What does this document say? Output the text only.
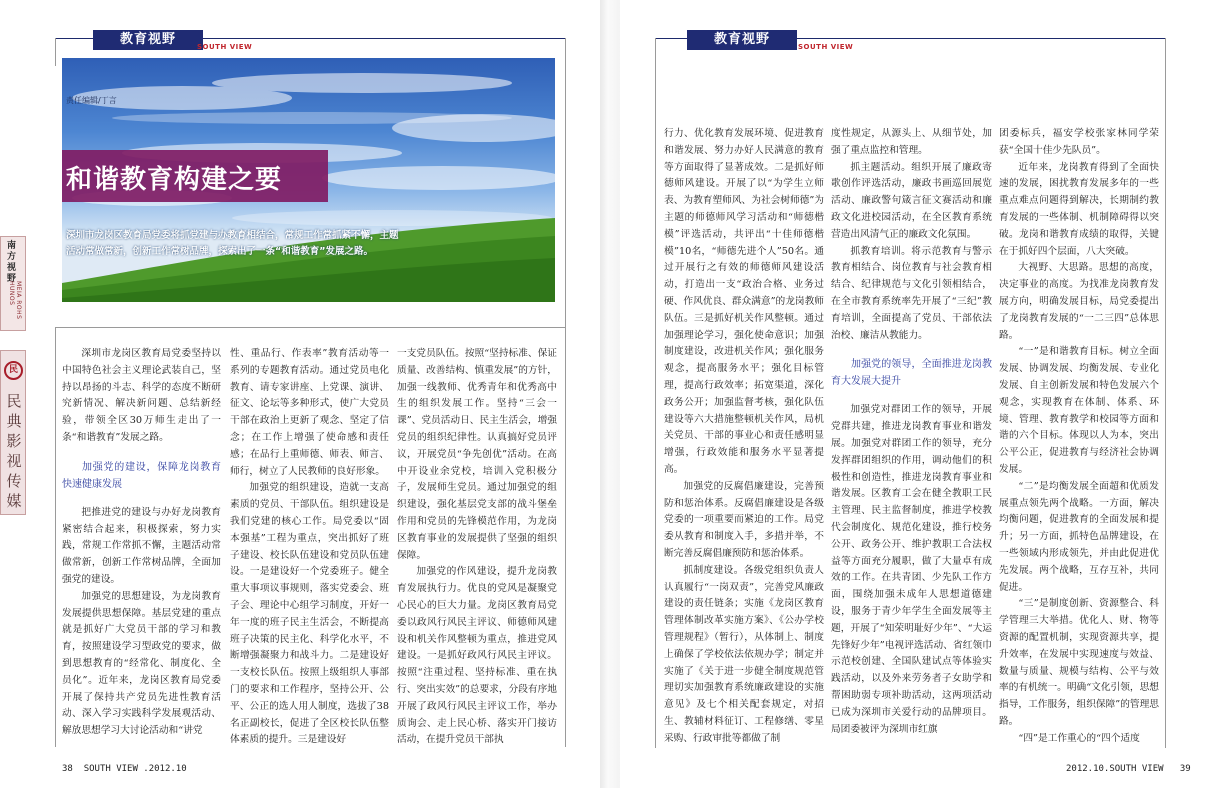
教育视野	SOUTH VIEW
责任编辑/丁言
和谐教育构建之要
深圳市龙岗区教育局党委将抓党建与办教育相结合，常规工作常抓紧不懈，主题活动常做常新，创新工作常树品牌，探索出了一条“和谐教育”发展之路。
南方视野
MEIA ROHS HUNOS
民
民典影视传媒

深圳市龙岗区教育局党委坚持以中国特色社会主义理论武装自己，坚持以昂扬的斗志、科学的态度不断研究新情况、解决新问题、总结新经验，带领全区30万师生走出了一条“和谐教育”发展之路。

加强党的建设，保障龙岗教育快速健康发展

把推进党的建设与办好龙岗教育紧密结合起来，积极探索，努力实践，常规工作常抓不懈，主题活动常做常新，创新工作常树品牌，全面加强党的建设。

加强党的思想建设，为龙岗教育发展提供思想保障。基层党建的重点就是抓好广大党员干部的学习和教育，按照建设学习型政党的要求，做到思想教育的“经常化、制度化、全员化”。近年来，龙岗区教育局党委开展了保持共产党员先进性教育活动、深入学习实践科学发展观活动、解放思想学习大讨论活动和“讲党

性、重品行、作表率”教育活动等一系列的专题教育活动。通过党员电化教育、请专家讲座、上党课、演讲、征文、论坛等多种形式，使广大党员干部在政治上更新了观念、坚定了信念；在工作上增强了使命感和责任感；在品行上重师德、师表、师言、师行，树立了人民教师的良好形象。

加强党的组织建设，造就一支高素质的党员、干部队伍。组织建设是我们党建的核心工作。局党委以“固本强基”工程为重点，突出抓好了班子建设、校长队伍建设和党员队伍建设。一是建设好一个党委班子。健全重大事项议事规则，落实党委会、班子会、理论中心组学习制度，开好一年一度的班子民主生活会，不断提高班子决策的民主化、科学化水平，不断增强凝聚力和战斗力。二是建设好一支校长队伍。按照上级组织人事部门的要求和工作程序，坚持公开、公平、公正的选人用人制度，选拔了38名正副校长，促进了全区校长队伍整体素质的提升。三是建设好

一支党员队伍。按照“坚持标准、保证质量、改善结构、慎重发展”的方针，加强一线教师、优秀青年和优秀高中生的组织发展工作。坚持“三会一课”、党员活动日、民主生活会，增强党员的组织纪律性。认真搞好党员评议，开展党员“争先创优”活动。在高中开设业余党校，培训入党积极分子，发展师生党员。通过加强党的组织建设，强化基层党支部的战斗堡垒作用和党员的先锋模范作用，为龙岗区教育事业的发展提供了坚强的组织保障。

加强党的作风建设，提升龙岗教育发展执行力。优良的党风是凝聚党心民心的巨大力量。龙岗区教育局党委以政风行风民主评议、师德师风建设和机关作风整顿为重点，推进党风建设。一是抓好政风行风民主评议。按照“注重过程、坚持标准、重在执行、突出实效”的总要求，分段有序地开展了政风行风民主评议工作，举办质询会、走上民心桥、落实开门接访活动，在提升党员干部执

38 SOUTH VIEW .2012.10
教育视野	SOUTH VIEW

行力、优化教育发展环境、促进教育和谐发展、努力办好人民满意的教育等方面取得了显著成效。二是抓好师德师风建设。开展了以“为学生立师表、为教育塑师风、为社会树师德”为主题的师德师风学习活动和“师德楷模”评选活动，共评出“十佳师德楷模”10名，“师德先进个人”50名。通过开展行之有效的师德师风建设活动，打造出一支“政治合格、业务过硬、作风优良、群众满意”的龙岗教师队伍。三是抓好机关作风整顿。通过加强理论学习，强化使命意识；加强制度建设，改进机关作风；强化服务观念，提高服务水平；强化目标管理，提高行政效率；拓宽渠道，深化政务公开；加强监督考核，强化队伍建设等六大措施整顿机关作风，局机关党员、干部的事业心和责任感明显增强，行政效能和服务水平显著提高。

加强党的反腐倡廉建设，完善预防和惩治体系。反腐倡廉建设是各级党委的一项重要而紧迫的工作。局党委从教育和制度入手，多措并举，不断完善反腐倡廉预防和惩治体系。

抓制度建设。各级党组织负责人认真履行“一岗双责”，完善党风廉政建设的责任链条；实施《龙岗区教育管理体制改革实施方案》、《公办学校管理规程》（暂行），从体制上、制度上确保了学校依法依规办学；制定并实施了《关于进一步健全制度规范管理切实加强教育系统廉政建设的实施意见》及七个相关配套规定，对招生、教辅材料征订、工程修缮、零星采购、行政审批等都做了制

度性规定，从源头上、从细节处，加强了重点监控和管理。

抓主题活动。组织开展了廉政寄歌创作评选活动，廉政书画巡回展览活动、廉政警句箴言征文赛活动和廉政文化进校园活动，在全区教育系统营造出风清气正的廉政文化氛围。

抓教育培训。将示范教育与警示教育相结合、岗位教育与社会教育相结合、纪律规范与文化引领相结合，在全市教育系统率先开展了“三纪”教育培训，全面提高了党员、干部依法治校、廉洁从教能力。

加强党的领导，全面推进龙岗教育大发展大提升

加强党对群团工作的领导，开展党群共建，推进龙岗教育事业和谐发展。加强党对群团工作的领导，充分发挥群团组织的作用，调动他们的积极性和创造性，推进龙岗教育事业和谐发展。区教育工会在健全教职工民主管理、民主监督制度，推进学校教代会制度化、规范化建设，推行校务公开、政务公开、维护教职工合法权益等方面充分履职，做了大量卓有成效的工作。在共青团、少先队工作方面，围绕加强未成年人思想道德建设，服务于青少年学生全面发展等主题，开展了“知荣明耻好少年”、“大运先锋好少年”电视评选活动、省红领巾示范校创建、全国队建试点等体验实践活动，以及外来劳务者子女助学和帮困助弱专项补助活动，这两项活动已成为深圳市关爱行动的品牌项目。局团委被评为深圳市红旗

团委标兵，福安学校张家林同学荣获“全国十佳少先队员”。

近年来，龙岗教育得到了全面快速的发展，困扰教育发展多年的一些重点难点问题得到解决，长期制约教育发展的一些体制、机制障碍得以突破。龙岗和谐教育成绩的取得，关键在于抓好四个层面，八大突破。

大视野、大思路。思想的高度，决定事业的高度。为找准龙岗教育发展方向，明确发展目标，局党委提出了龙岗教育发展的“一二三四”总体思路。

“一”是和谐教育目标。树立全面发展、协调发展、均衡发展、专业化发展、自主创新发展和特色发展六个观念，实现教育在体制、体系、环境、管理、教育教学和校园等方面和谐的六个目标。体现以人为本，突出公平公正，促进教育与经济社会协调发展。

“二”是均衡发展全面超和优质发展重点领先两个战略。一方面，解决均衡问题，促进教育的全面发展和提升；另一方面，抓特色品牌建设，在一些领域内形成领先，并由此促进优先发展。两个战略，互存互补，共同促进。

“三”是制度创新、资源整合、科学管理三大举措。优化人、财、物等资源的配置机制，实现资源共享，提升效率，在发展中实现速度与效益、数量与质量、规模与结构、公平与效率的有机统一。明确“文化引领，思想指导，工作服务，组织保障”的管理思路。

“四”是工作重心的“四个适度

2012.10.SOUTH VIEW 39
